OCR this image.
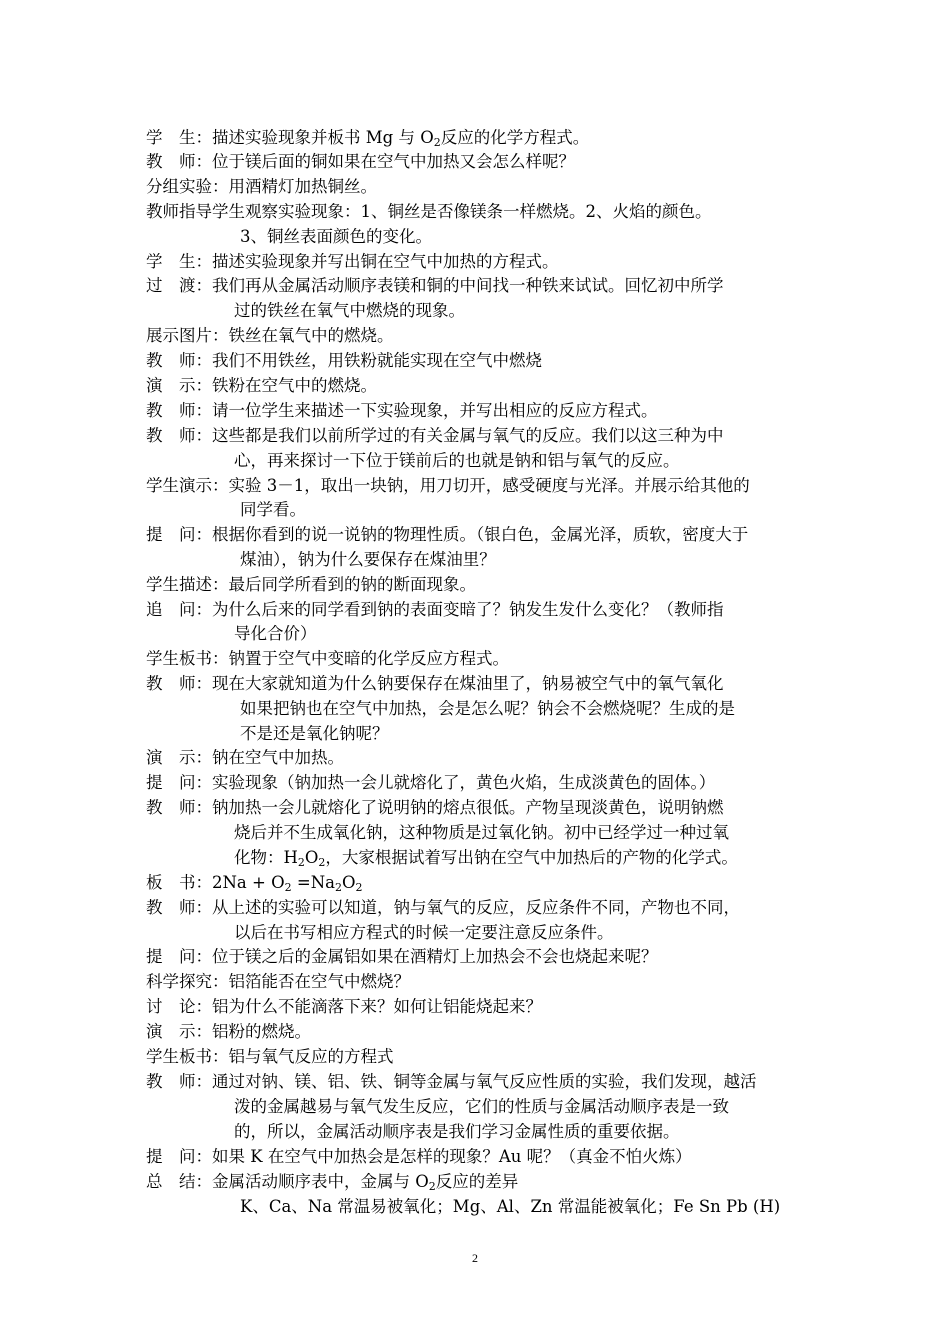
学　生：描述实验现象并板书 Mg 与 $O_2$反应的化学方程式。
教　师：位于镁后面的铜如果在空气中加热又会怎么样呢？
分组实验：用酒精灯加热铜丝。
教师指导学生观察实验现象：1、铜丝是否像镁条一样燃烧。2、火焰的颜色。
3、铜丝表面颜色的变化。
学　生：描述实验现象并写出铜在空气中加热的方程式。
过　渡：我们再从金属活动顺序表镁和铜的中间找一种铁来试试。回忆初中所学
过的铁丝在氧气中燃烧的现象。
展示图片：铁丝在氧气中的燃烧。
教　师：我们不用铁丝，用铁粉就能实现在空气中燃烧
演　示：铁粉在空气中的燃烧。
教　师：请一位学生来描述一下实验现象，并写出相应的反应方程式。
教　师：这些都是我们以前所学过的有关金属与氧气的反应。我们以这三种为中
心，再来探讨一下位于镁前后的也就是钠和铝与氧气的反应。
学生演示：实验 3－1，取出一块钠，用刀切开，感受硬度与光泽。并展示给其他的
同学看。
提　问：根据你看到的说一说钠的物理性质。（银白色，金属光泽，质软，密度大于
煤油），钠为什么要保存在煤油里？
学生描述：最后同学所看到的钠的断面现象。
追　问：为什么后来的同学看到钠的表面变暗了？钠发生发什么变化？（教师指
导化合价）
学生板书：钠置于空气中变暗的化学反应方程式。
教　师：现在大家就知道为什么钠要保存在煤油里了，钠易被空气中的氧气氧化
如果把钠也在空气中加热，会是怎么呢？钠会不会燃烧呢？生成的是
不是还是氧化钠呢？
演　示：钠在空气中加热。
提　问：实验现象（钠加热一会儿就熔化了，黄色火焰，生成淡黄色的固体。）
教　师：钠加热一会儿就熔化了说明钠的熔点很低。产物呈现淡黄色，说明钠燃
烧后并不生成氧化钠，这种物质是过氧化钠。初中已经学过一种过氧
化物：$H_2O_2$，大家根据试着写出钠在空气中加热后的产物的化学式。
板　书：$2Na + O_2 =Na_2O_2$
教　师：从上述的实验可以知道，钠与氧气的反应，反应条件不同，产物也不同，
以后在书写相应方程式的时候一定要注意反应条件。
提　问：位于镁之后的金属铝如果在酒精灯上加热会不会也烧起来呢？
科学探究：铝箔能否在空气中燃烧？
讨　论：铝为什么不能滴落下来？如何让铝能烧起来？
演　示：铝粉的燃烧。
学生板书：铝与氧气反应的方程式
教　师：通过对钠、镁、铝、铁、铜等金属与氧气反应性质的实验，我们发现，越活
泼的金属越易与氧气发生反应，它们的性质与金属活动顺序表是一致
的，所以，金属活动顺序表是我们学习金属性质的重要依据。
提　问：如果 K 在空气中加热会是怎样的现象？Au 呢？（真金不怕火炼）
总　结：金属活动顺序表中，金属与 $O_2$反应的差异
K、Ca、Na 常温易被氧化；Mg、Al、Zn 常温能被氧化；Fe Sn Pb (H)
2
